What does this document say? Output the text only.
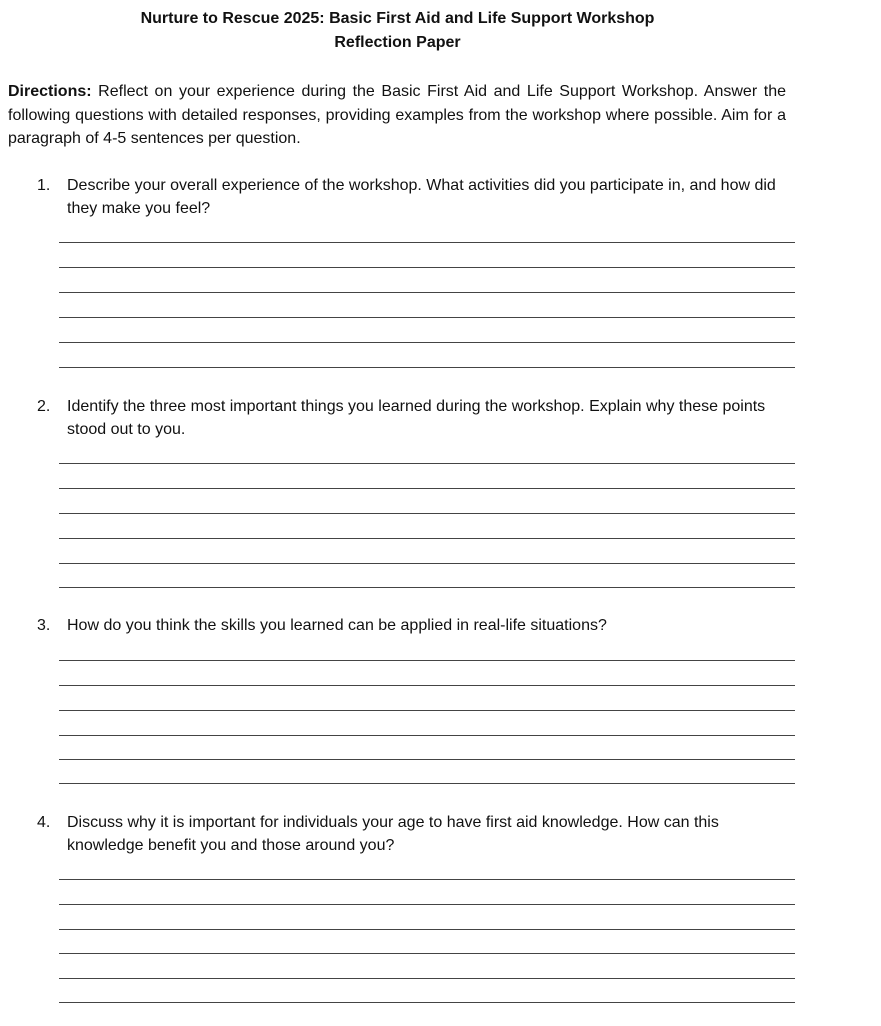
Nurture to Rescue 2025: Basic First Aid and Life Support Workshop
Reflection Paper
Directions: Reflect on your experience during the Basic First Aid and Life Support Workshop. Answer the following questions with detailed responses, providing examples from the workshop where possible. Aim for a paragraph of 4-5 sentences per question.
1.	Describe your overall experience of the workshop. What activities did you participate in, and how did they make you feel?
2.	Identify the three most important things you learned during the workshop. Explain why these points stood out to you.
3.	How do you think the skills you learned can be applied in real-life situations?
4.	Discuss why it is important for individuals your age to have first aid knowledge. How can this knowledge benefit you and those around you?
